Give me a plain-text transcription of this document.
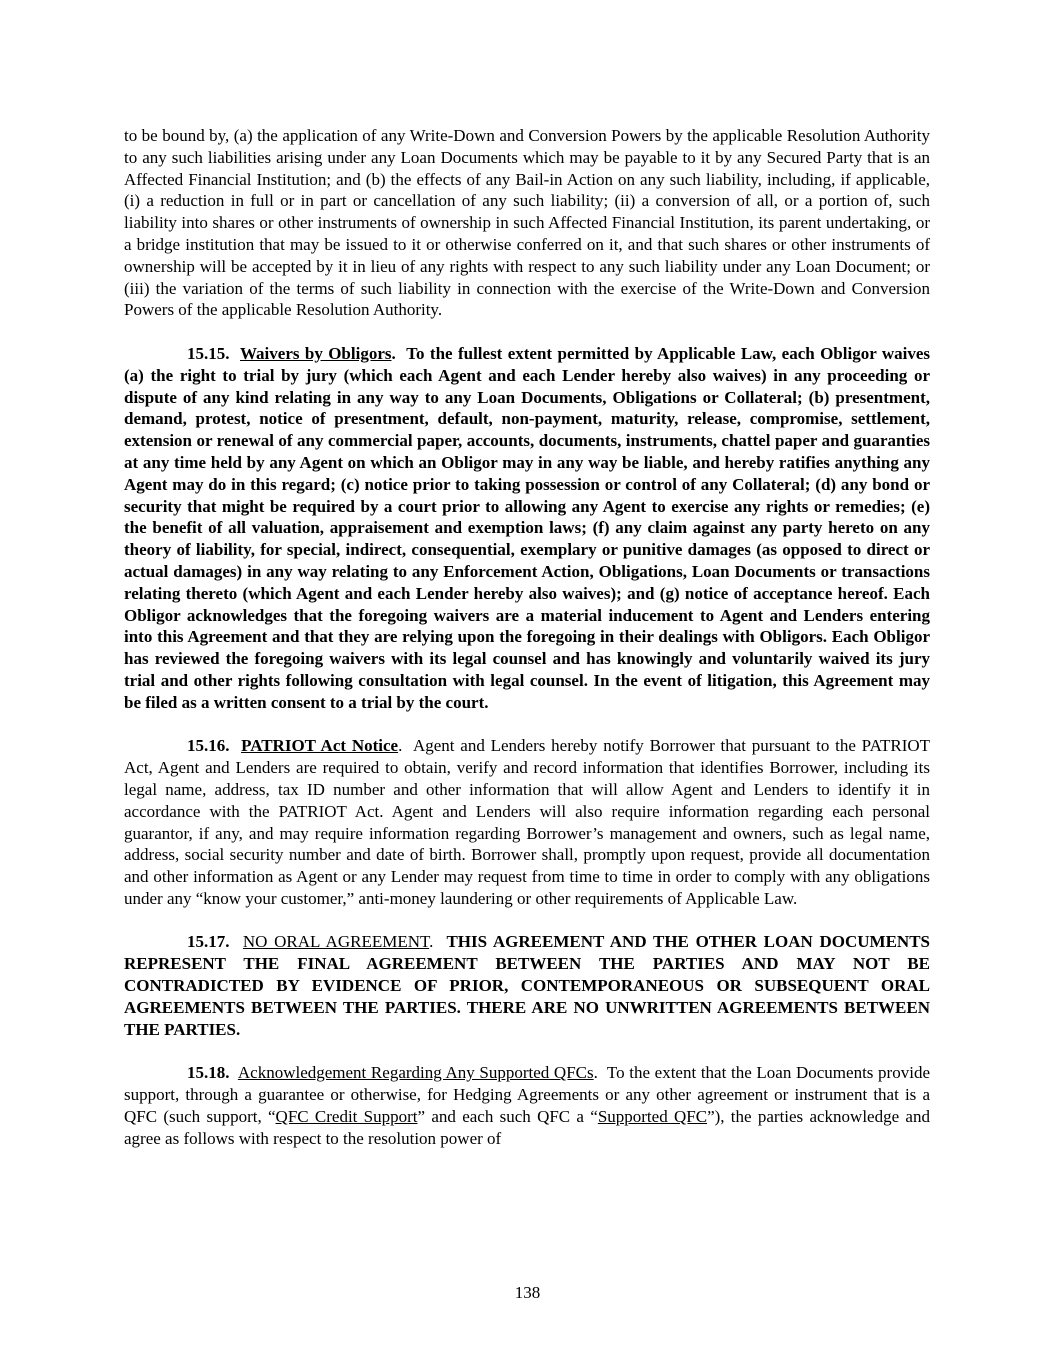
to be bound by, (a) the application of any Write-Down and Conversion Powers by the applicable Resolution Authority to any such liabilities arising under any Loan Documents which may be payable to it by any Secured Party that is an Affected Financial Institution; and (b) the effects of any Bail-in Action on any such liability, including, if applicable, (i) a reduction in full or in part or cancellation of any such liability; (ii) a conversion of all, or a portion of, such liability into shares or other instruments of ownership in such Affected Financial Institution, its parent undertaking, or a bridge institution that may be issued to it or otherwise conferred on it, and that such shares or other instruments of ownership will be accepted by it in lieu of any rights with respect to any such liability under any Loan Document; or (iii) the variation of the terms of such liability in connection with the exercise of the Write-Down and Conversion Powers of the applicable Resolution Authority.

15.15. Waivers by Obligors. To the fullest extent permitted by Applicable Law, each Obligor waives (a) the right to trial by jury (which each Agent and each Lender hereby also waives) in any proceeding or dispute of any kind relating in any way to any Loan Documents, Obligations or Collateral; (b) presentment, demand, protest, notice of presentment, default, non-payment, maturity, release, compromise, settlement, extension or renewal of any commercial paper, accounts, documents, instruments, chattel paper and guaranties at any time held by any Agent on which an Obligor may in any way be liable, and hereby ratifies anything any Agent may do in this regard; (c) notice prior to taking possession or control of any Collateral; (d) any bond or security that might be required by a court prior to allowing any Agent to exercise any rights or remedies; (e) the benefit of all valuation, appraisement and exemption laws; (f) any claim against any party hereto on any theory of liability, for special, indirect, consequential, exemplary or punitive damages (as opposed to direct or actual damages) in any way relating to any Enforcement Action, Obligations, Loan Documents or transactions relating thereto (which Agent and each Lender hereby also waives); and (g) notice of acceptance hereof. Each Obligor acknowledges that the foregoing waivers are a material inducement to Agent and Lenders entering into this Agreement and that they are relying upon the foregoing in their dealings with Obligors. Each Obligor has reviewed the foregoing waivers with its legal counsel and has knowingly and voluntarily waived its jury trial and other rights following consultation with legal counsel. In the event of litigation, this Agreement may be filed as a written consent to a trial by the court.

15.16. PATRIOT Act Notice. Agent and Lenders hereby notify Borrower that pursuant to the PATRIOT Act, Agent and Lenders are required to obtain, verify and record information that identifies Borrower, including its legal name, address, tax ID number and other information that will allow Agent and Lenders to identify it in accordance with the PATRIOT Act. Agent and Lenders will also require information regarding each personal guarantor, if any, and may require information regarding Borrower’s management and owners, such as legal name, address, social security number and date of birth. Borrower shall, promptly upon request, provide all documentation and other information as Agent or any Lender may request from time to time in order to comply with any obligations under any “know your customer,” anti-money laundering or other requirements of Applicable Law.

15.17. NO ORAL AGREEMENT. THIS AGREEMENT AND THE OTHER LOAN DOCUMENTS REPRESENT THE FINAL AGREEMENT BETWEEN THE PARTIES AND MAY NOT BE CONTRADICTED BY EVIDENCE OF PRIOR, CONTEMPORANEOUS OR SUBSEQUENT ORAL AGREEMENTS BETWEEN THE PARTIES. THERE ARE NO UNWRITTEN AGREEMENTS BETWEEN THE PARTIES.

15.18. Acknowledgement Regarding Any Supported QFCs. To the extent that the Loan Documents provide support, through a guarantee or otherwise, for Hedging Agreements or any other agreement or instrument that is a QFC (such support, “QFC Credit Support” and each such QFC a “Supported QFC”), the parties acknowledge and agree as follows with respect to the resolution power of

138
